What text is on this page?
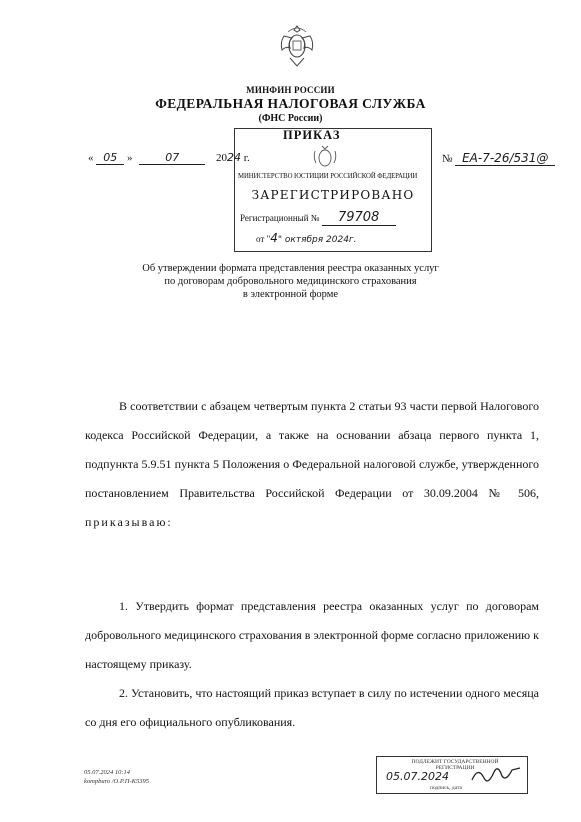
МИНФИН РОССИИ
ФЕДЕРАЛЬНАЯ НАЛОГОВАЯ СЛУЖБА
(ФНС России)
ПРИКАЗ
« 05 »	07	2024 г.	№ ЕА-7-26/531@
МИНИСТЕРСТВО ЮСТИЦИИ РОССИЙСКОЙ ФЕДЕРАЦИИ
ЗАРЕГИСТРИРОВАНО
Регистрационный № 79708
от "4" октября 2024г.
Об утверждении формата представления реестра оказанных услуг
по договорам добровольного медицинского страхования
в электронной форме
В соответствии с абзацем четвертым пункта 2 статьи 93 части первой Налогового кодекса Российской Федерации, а также на основании абзаца первого пункта 1, подпункта 5.9.51 пункта 5 Положения о Федеральной налоговой службе, утвержденного постановлением Правительства Российской Федерации от 30.09.2004 № 506, приказываю:
1. Утвердить формат представления реестра оказанных услуг по договорам добровольного медицинского страхования в электронной форме согласно приложению к настоящему приказу.
2. Установить, что настоящий приказ вступает в силу по истечении одного месяца со дня его официального опубликования.
05.07.2024 10:14
kompburo /О.Р.П-К5395
ПОДЛЕЖИТ ГОСУДАРСТВЕННОЙ РЕГИСТРАЦИИ
05.07.2024
подпись, дата
